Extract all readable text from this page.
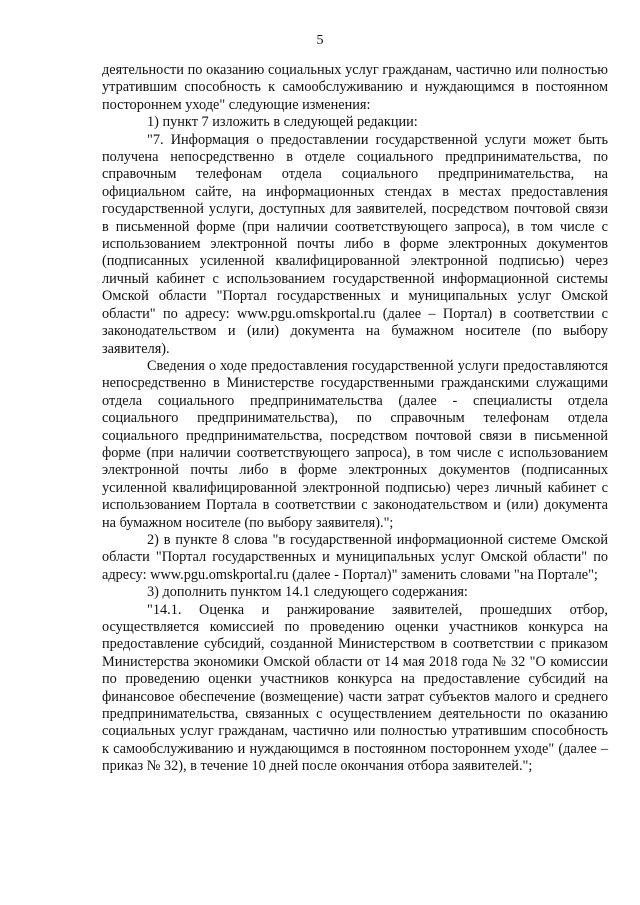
5

деятельности по оказанию социальных услуг гражданам, частично или полностью утратившим способность к самообслуживанию и нуждающимся в постоянном постороннем уходе" следующие изменения:

1) пункт 7 изложить в следующей редакции:

"7. Информация о предоставлении государственной услуги может быть получена непосредственно в отделе социального предпринимательства, по справочным телефонам отдела социального предпринимательства, на официальном сайте, на информационных стендах в местах предоставления государственной услуги, доступных для заявителей, посредством почтовой связи в письменной форме (при наличии соответствующего запроса), в том числе с использованием электронной почты либо в форме электронных документов (подписанных усиленной квалифицированной электронной подписью) через личный кабинет с использованием государственной информационной системы Омской области "Портал государственных и муниципальных услуг Омской области" по адресу: www.pgu.omskportal.ru (далее – Портал) в соответствии с законодательством и (или) документа на бумажном носителе (по выбору заявителя).

Сведения о ходе предоставления государственной услуги предоставляются непосредственно в Министерстве государственными гражданскими служащими отдела социального предпринимательства (далее - специалисты отдела социального предпринимательства), по справочным телефонам отдела социального предпринимательства, посредством почтовой связи в письменной форме (при наличии соответствующего запроса), в том числе с использованием электронной почты либо в форме электронных документов (подписанных усиленной квалифицированной электронной подписью) через личный кабинет с использованием Портала в соответствии с законодательством и (или) документа на бумажном носителе (по выбору заявителя).";

2) в пункте 8 слова "в государственной информационной системе Омской области "Портал государственных и муниципальных услуг Омской области" по адресу: www.pgu.omskportal.ru (далее - Портал)" заменить словами "на Портале";

3) дополнить пунктом 14.1 следующего содержания:

"14.1. Оценка и ранжирование заявителей, прошедших отбор, осуществляется комиссией по проведению оценки участников конкурса на предоставление субсидий, созданной Министерством в соответствии с приказом Министерства экономики Омской области от 14 мая 2018 года № 32 "О комиссии по проведению оценки участников конкурса на предоставление субсидий на финансовое обеспечение (возмещение) части затрат субъектов малого и среднего предпринимательства, связанных с осуществлением деятельности по оказанию социальных услуг гражданам, частично или полностью утратившим способность к самообслуживанию и нуждающимся в постоянном постороннем уходе" (далее – приказ № 32), в течение 10 дней после окончания отбора заявителей.";
